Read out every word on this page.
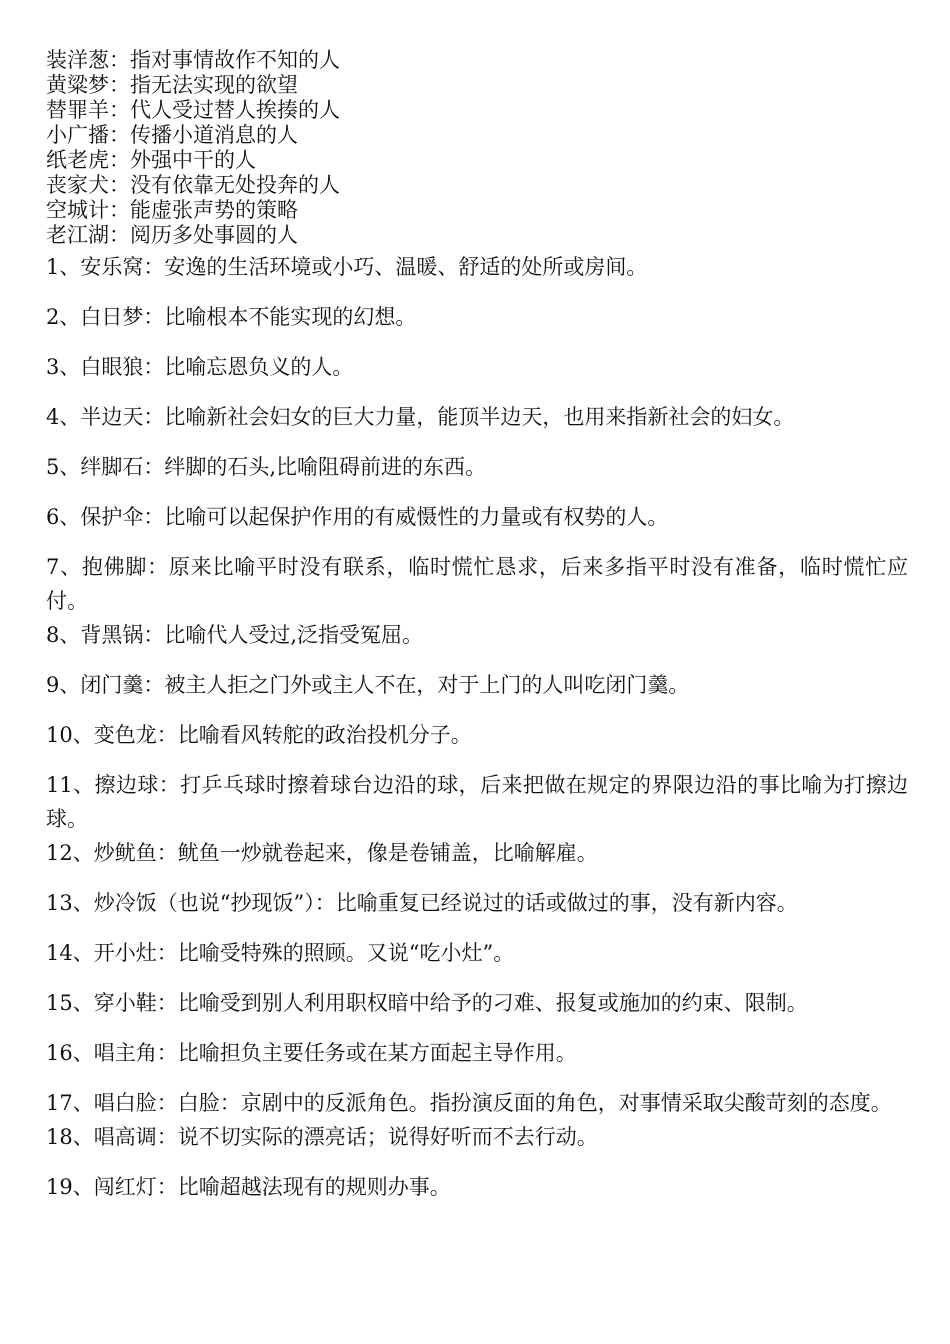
装洋葱：指对事情故作不知的人
黄粱梦：指无法实现的欲望
替罪羊：代人受过替人挨揍的人
小广播：传播小道消息的人
纸老虎：外强中干的人
丧家犬：没有依靠无处投奔的人
空城计：能虚张声势的策略
老江湖：阅历多处事圆的人
1、安乐窝：安逸的生活环境或小巧、温暖、舒适的处所或房间。
2、白日梦：比喻根本不能实现的幻想。
3、白眼狼：比喻忘恩负义的人。
4、半边天：比喻新社会妇女的巨大力量，能顶半边天，也用来指新社会的妇女。
5、绊脚石：绊脚的石头,比喻阻碍前进的东西。
6、保护伞：比喻可以起保护作用的有威慑性的力量或有权势的人。
7、抱佛脚：原来比喻平时没有联系，临时慌忙恳求，后来多指平时没有准备，临时慌忙应付。
8、背黑锅：比喻代人受过,泛指受冤屈。
9、闭门羹：被主人拒之门外或主人不在，对于上门的人叫吃闭门羹。
10、变色龙：比喻看风转舵的政治投机分子。
11、擦边球：打乒乓球时擦着球台边沿的球，后来把做在规定的界限边沿的事比喻为打擦边球。
12、炒鱿鱼：鱿鱼一炒就卷起来，像是卷铺盖，比喻解雇。
13、炒冷饭（也说“抄现饭”）：比喻重复已经说过的话或做过的事，没有新内容。
14、开小灶：比喻受特殊的照顾。又说“吃小灶”。
15、穿小鞋：比喻受到别人利用职权暗中给予的刁难、报复或施加的约束、限制。
16、唱主角：比喻担负主要任务或在某方面起主导作用。
17、唱白脸：白脸：京剧中的反派角色。指扮演反面的角色，对事情采取尖酸苛刻的态度。
18、唱高调：说不切实际的漂亮话；说得好听而不去行动。
19、闯红灯：比喻超越法现有的规则办事。
